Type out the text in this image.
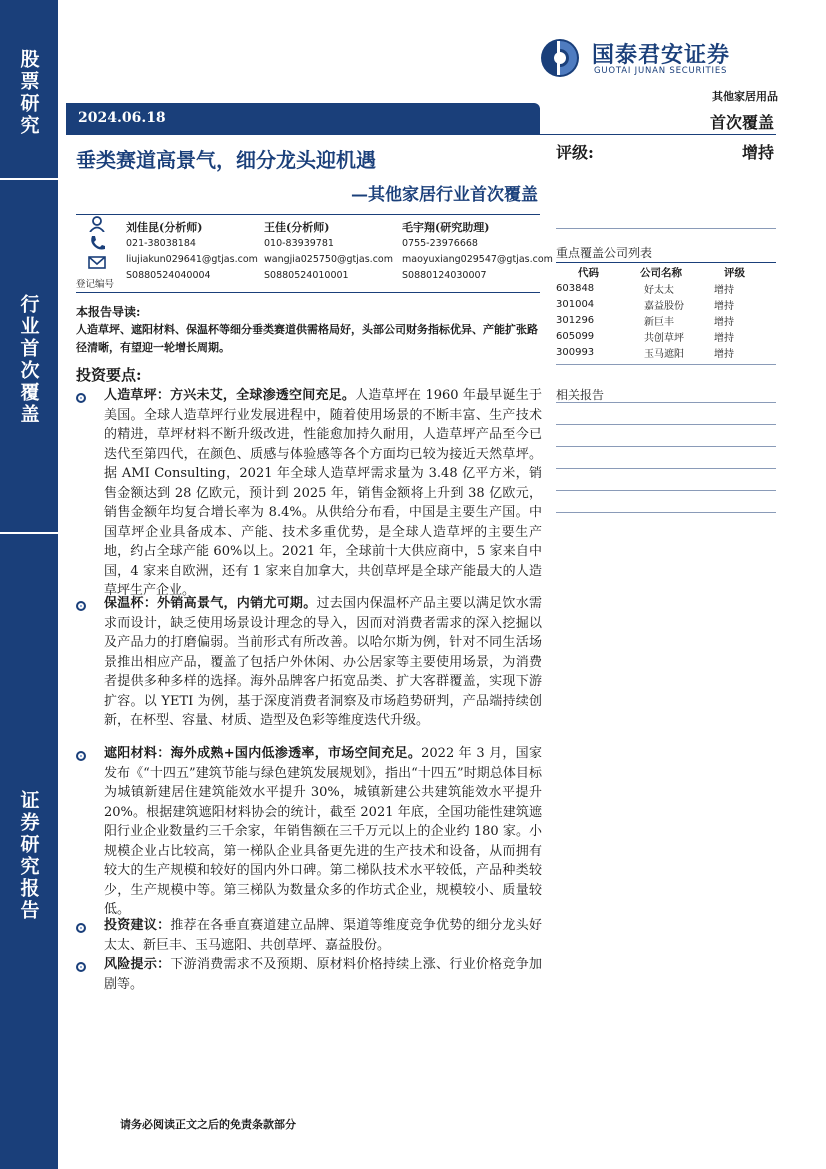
股票研究
行业首次覆盖
证券研究报告
国泰君安证券
GUOTAI JUNAN SECURITIES
其他家居用品
2024.06.18
垂类赛道高景气，细分龙头迎机遇
—其他家居行业首次覆盖
首次覆盖
评级:	增持
刘佳昆(分析师)
021-38038184
liujiakun029641@gtjas.com
S0880524040004
王佳(分析师)
010-83939781
wangjia025750@gtjas.com
S0880524010001
毛宇翔(研究助理)
0755-23976668
maoyuxiang029547@gtjas.com
S0880124030007
登记编号
重点覆盖公司列表
代码	公司名称	评级
603848	好太太	增持
301004	嘉益股份	增持
301296	新巨丰	增持
605099	共创草坪	增持
300993	玉马遮阳	增持
相关报告
本报告导读:
人造草坪、遮阳材料、保温杯等细分垂类赛道供需格局好，头部公司财务指标优异、产能扩张路径清晰，有望迎一轮增长周期。
投资要点:
人造草坪：方兴未艾，全球渗透空间充足。人造草坪在 1960 年最早诞生于美国。全球人造草坪行业发展进程中，随着使用场景的不断丰富、生产技术的精进，草坪材料不断升级改进，性能愈加持久耐用，人造草坪产品至今已迭代至第四代，在颜色、质感与体验感等各个方面均已较为接近天然草坪。据 AMI Consulting，2021 年全球人造草坪需求量为 3.48 亿平方米，销售金额达到 28 亿欧元，预计到 2025 年，销售金额将上升到 38 亿欧元，销售金额年均复合增长率为 8.4%。从供给分布看，中国是主要生产国。中国草坪企业具备成本、产能、技术多重优势，是全球人造草坪的主要生产地，约占全球产能 60%以上。2021 年，全球前十大供应商中，5 家来自中国，4 家来自欧洲，还有 1 家来自加拿大，共创草坪是全球产能最大的人造草坪生产企业。
保温杯：外销高景气，内销尤可期。过去国内保温杯产品主要以满足饮水需求而设计，缺乏使用场景设计理念的导入，因而对消费者需求的深入挖掘以及产品力的打磨偏弱。当前形式有所改善。以哈尔斯为例，针对不同生活场景推出相应产品，覆盖了包括户外休闲、办公居家等主要使用场景，为消费者提供多种多样的选择。海外品牌客户拓宽品类、扩大客群覆盖，实现下游扩容。以 YETI 为例，基于深度消费者洞察及市场趋势研判，产品端持续创新，在杯型、容量、材质、造型及色彩等维度迭代升级。
遮阳材料：海外成熟+国内低渗透率，市场空间充足。2022 年 3 月，国家发布《“十四五”建筑节能与绿色建筑发展规划》，指出“十四五”时期总体目标为城镇新建居住建筑能效水平提升 30%，城镇新建公共建筑能效水平提升 20%。根据建筑遮阳材料协会的统计，截至 2021 年底，全国功能性建筑遮阳行业企业数量约三千余家，年销售额在三千万元以上的企业约 180 家。小规模企业占比较高，第一梯队企业具备更先进的生产技术和设备，从而拥有较大的生产规模和较好的国内外口碑。第二梯队技术水平较低，产品种类较少，生产规模中等。第三梯队为数量众多的作坊式企业，规模较小、质量较低。
投资建议：推荐在各垂直赛道建立品牌、渠道等维度竞争优势的细分龙头好太太、新巨丰、玉马遮阳、共创草坪、嘉益股份。
风险提示：下游消费需求不及预期、原材料价格持续上涨、行业价格竞争加剧等。
请务必阅读正文之后的免责条款部分
